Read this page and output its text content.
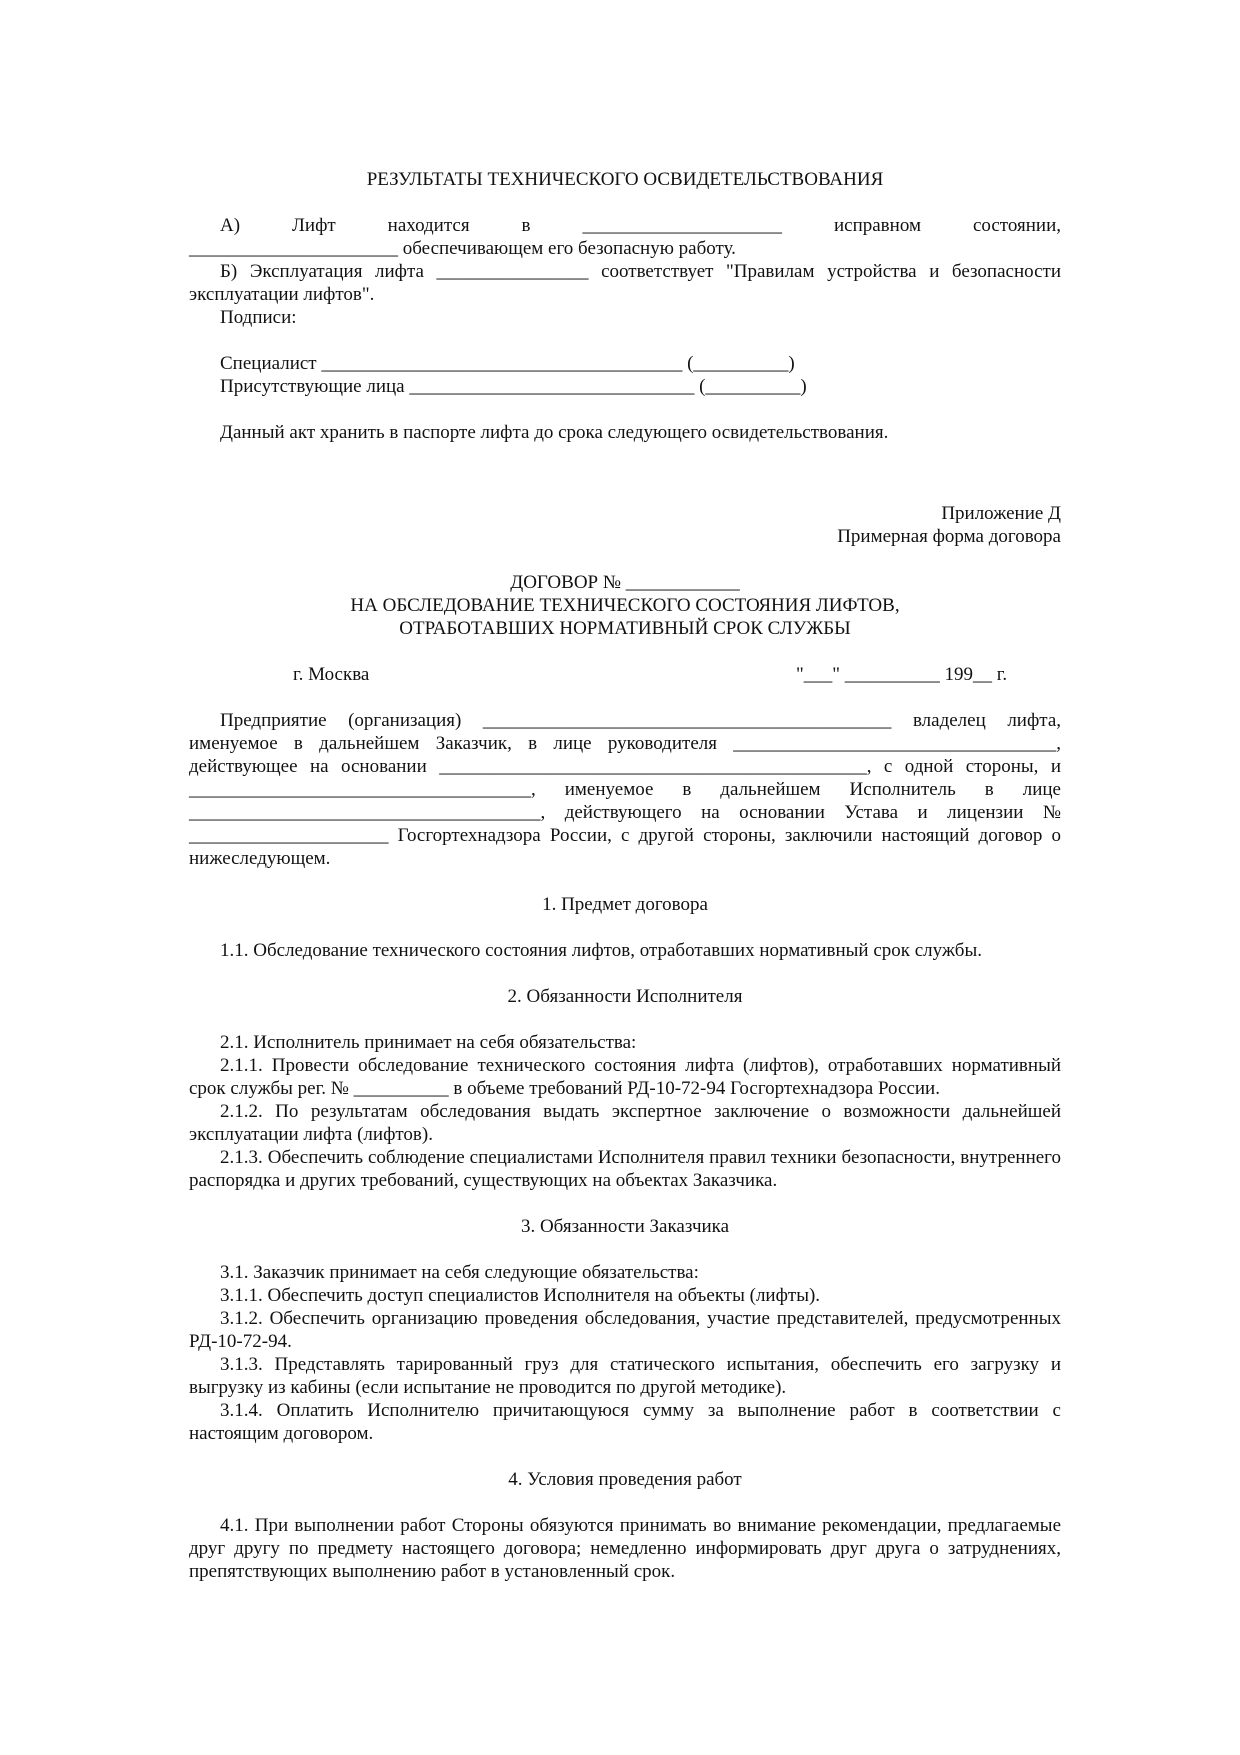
РЕЗУЛЬТАТЫ ТЕХНИЧЕСКОГО ОСВИДЕТЕЛЬСТВОВАНИЯ

А) Лифт находится в _____________________ исправном состоянии,

______________________ обеспечивающем его безопасную работу.

Б) Эксплуатация лифта ________________ соответствует "Правилам устройства и безопасности эксплуатации лифтов".

Подписи:

Специалист ______________________________________ (__________)

Присутствующие лица ______________________________ (__________)

Данный акт хранить в паспорте лифта до срока следующего освидетельствования.

Приложение Д

Примерная форма договора

ДОГОВОР № ____________

НА ОБСЛЕДОВАНИЕ ТЕХНИЧЕСКОГО СОСТОЯНИЯ ЛИФТОВ,

ОТРАБОТАВШИХ НОРМАТИВНЫЙ СРОК СЛУЖБЫ

г. Москва	"___" __________ 199__ г.

Предприятие (организация) ___________________________________________ владелец лифта, именуемое в дальнейшем Заказчик, в лице руководителя __________________________________, действующее на основании _____________________________________________, с одной стороны, и ____________________________________, именуемое в дальнейшем Исполнитель в лице _____________________________________, действующего на основании Устава и лицензии № _____________________ Госгортехнадзора России, с другой стороны, заключили настоящий договор о нижеследующем.

1. Предмет договора

1.1. Обследование технического состояния лифтов, отработавших нормативный срок службы.

2. Обязанности Исполнителя

2.1. Исполнитель принимает на себя обязательства:

2.1.1. Провести обследование технического состояния лифта (лифтов), отработавших нормативный срок службы рег. № __________ в объеме требований РД-10-72-94 Госгортехнадзора России.

2.1.2. По результатам обследования выдать экспертное заключение о возможности дальнейшей эксплуатации лифта (лифтов).

2.1.3. Обеспечить соблюдение специалистами Исполнителя правил техники безопасности, внутреннего распорядка и других требований, существующих на объектах Заказчика.

3. Обязанности Заказчика

3.1. Заказчик принимает на себя следующие обязательства:

3.1.1. Обеспечить доступ специалистов Исполнителя на объекты (лифты).

3.1.2. Обеспечить организацию проведения обследования, участие представителей, предусмотренных РД-10-72-94.

3.1.3. Представлять тарированный груз для статического испытания, обеспечить его загрузку и выгрузку из кабины (если испытание не проводится по другой методике).

3.1.4. Оплатить Исполнителю причитающуюся сумму за выполнение работ в соответствии с настоящим договором.

4. Условия проведения работ

4.1. При выполнении работ Стороны обязуются принимать во внимание рекомендации, предлагаемые друг другу по предмету настоящего договора; немедленно информировать друг друга о затруднениях, препятствующих выполнению работ в установленный срок.
